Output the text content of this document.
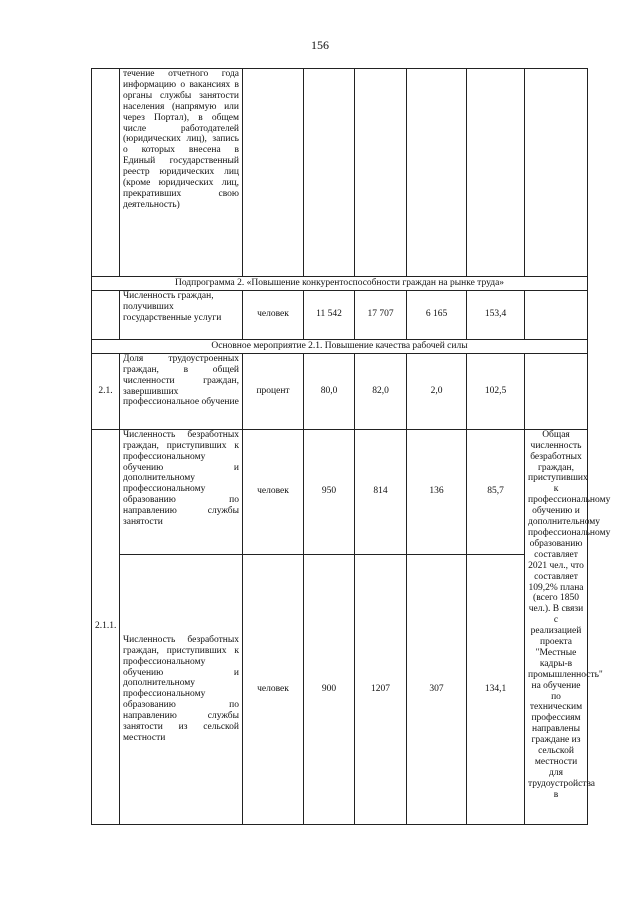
156
	течение отчетного года информацию о вакансиях в органы службы занятости населения (напрямую или через Портал), в общем числе работодателей (юридических лиц), запись о которых внесена в Единый государственный реестр юридических лиц (кроме юридических лиц, прекративших свою деятельность)						
Подпрограмма 2. «Повышение конкурентоспособности граждан на рынке труда»							
	Численность граждан, получивших государственные услуги	человек	11 542	17 707	6 165	153,4	
Основное мероприятие 2.1. Повышение качества рабочей силы							
2.1.	Доля трудоустроенных граждан, в общей численности граждан, завершивших профессиональное обучение	процент	80,0	82,0	2,0	102,5	
2.1.1.	Численность безработных граждан, приступивших к профессиональному обучению и дополнительному профессиональному образованию по направлению службы занятости	человек	950	814	136	85,7	Общая численность безработных граждан, приступивших к профессиональному обучению и дополнительному профессиональному образованию составляет 2021 чел., что составляет 109,2% плана (всего 1850 чел.). В связи с реализацией проекта "Местные кадры-в промышленность" на обучение по техническим профессиям направлены граждане из сельской местности для трудоустройства в
	Численность безработных граждан, приступивших к профессиональному обучению и дополнительному профессиональному образованию по направлению службы занятости из сельской местности	человек	900	1207	307	134,1	
